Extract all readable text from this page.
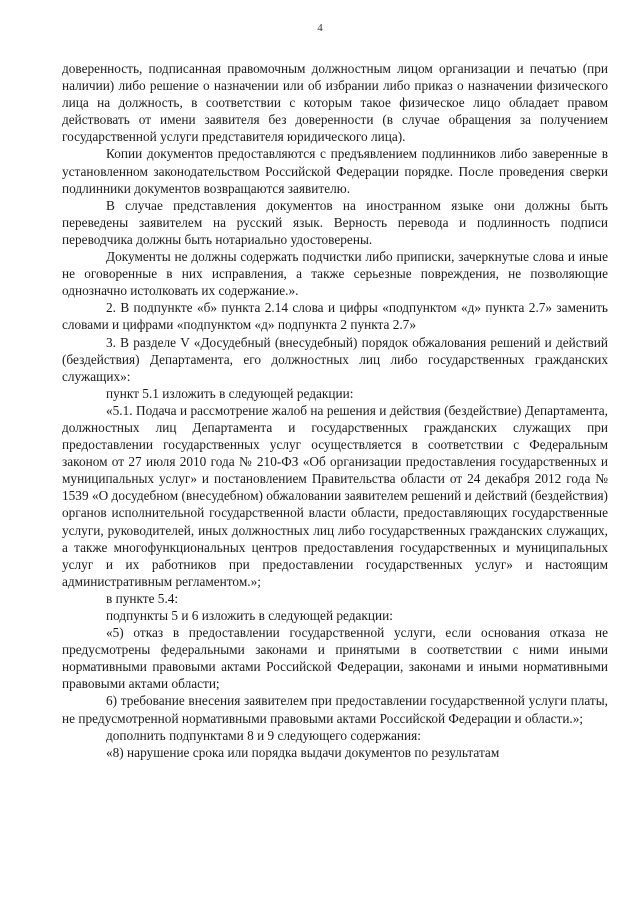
4

доверенность, подписанная правомочным должностным лицом организации и печатью (при наличии) либо решение о назначении или об избрании либо приказ о назначении физического лица на должность, в соответствии с которым такое физическое лицо обладает правом действовать от имени заявителя без доверенности (в случае обращения за получением государственной услуги представителя юридического лица).

Копии документов предоставляются с предъявлением подлинников либо заверенные в установленном законодательством Российской Федерации порядке. После проведения сверки подлинники документов возвращаются заявителю.

В случае представления документов на иностранном языке они должны быть переведены заявителем на русский язык. Верность перевода и подлинность подписи переводчика должны быть нотариально удостоверены.

Документы не должны содержать подчистки либо приписки, зачеркнутые слова и иные не оговоренные в них исправления, а также серьезные повреждения, не позволяющие однозначно истолковать их содержание.».

2. В подпункте «б» пункта 2.14 слова и цифры «подпунктом «д» пункта 2.7» заменить словами и цифрами «подпунктом «д» подпункта 2 пункта 2.7»

3. В разделе V «Досудебный (внесудебный) порядок обжалования решений и действий (бездействия) Департамента, его должностных лиц либо государственных гражданских служащих»:

пункт 5.1 изложить в следующей редакции:

«5.1. Подача и рассмотрение жалоб на решения и действия (бездействие) Департамента, должностных лиц Департамента и государственных гражданских служащих при предоставлении государственных услуг осуществляется в соответствии с Федеральным законом от 27 июля 2010 года № 210-ФЗ «Об организации предоставления государственных и муниципальных услуг» и постановлением Правительства области от 24 декабря 2012 года № 1539 «О досудебном (внесудебном) обжаловании заявителем решений и действий (бездействия) органов исполнительной государственной власти области, предоставляющих государственные услуги, руководителей, иных должностных лиц либо государственных гражданских служащих, а также многофункциональных центров предоставления государственных и муниципальных услуг и их работников при предоставлении государственных услуг» и настоящим административным регламентом.»;

в пункте 5.4:

подпункты 5 и 6 изложить в следующей редакции:

«5) отказ в предоставлении государственной услуги, если основания отказа не предусмотрены федеральными законами и принятыми в соответствии с ними иными нормативными правовыми актами Российской Федерации, законами и иными нормативными правовыми актами области;

6) требование внесения заявителем при предоставлении государственной услуги платы, не предусмотренной нормативными правовыми актами Российской Федерации и области.»;

дополнить подпунктами 8 и 9 следующего содержания:

«8) нарушение срока или порядка выдачи документов по результатам
